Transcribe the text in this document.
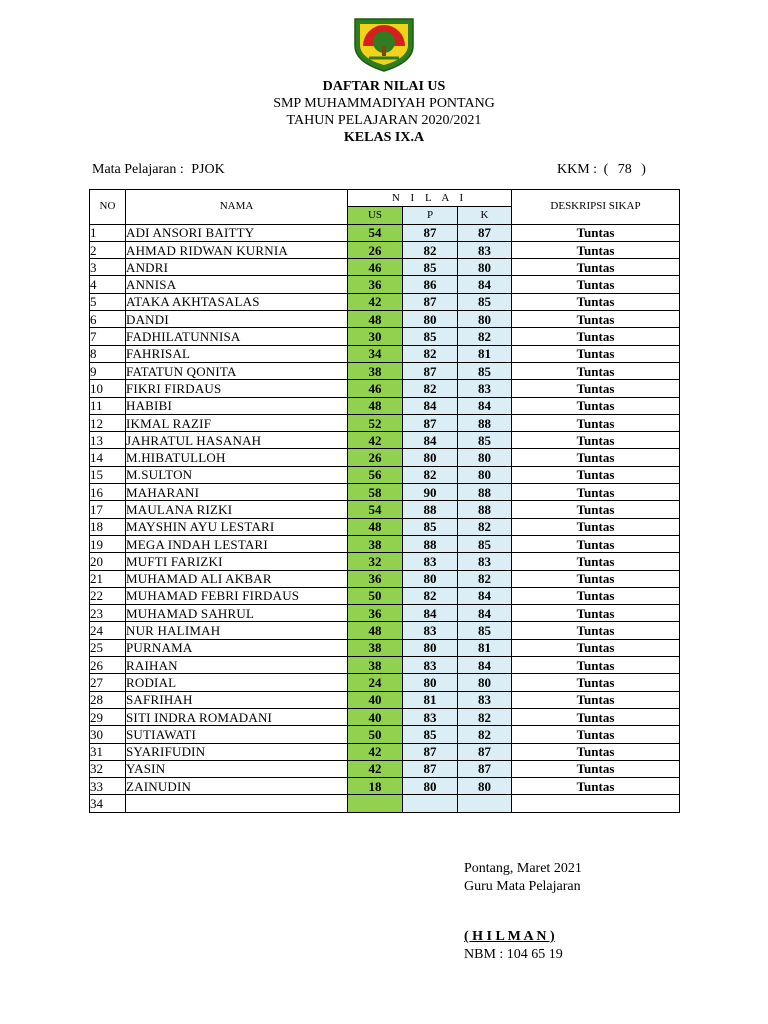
DAFTAR NILAI US
SMP MUHAMMADIYAH PONTANG
TAHUN PELAJARAN 2020/2021
KELAS IX.A
Mata Pelajaran : PJOK	KKM : ( 78 )
NO	NAMA	N I L A I			DESKRIPSI SIKAP
		US	P	K	
1	ADI ANSORI BAITTY	54	87	87	Tuntas
2	AHMAD RIDWAN KURNIA	26	82	83	Tuntas
3	ANDRI	46	85	80	Tuntas
4	ANNISA	36	86	84	Tuntas
5	ATAKA AKHTASALAS	42	87	85	Tuntas
6	DANDI	48	80	80	Tuntas
7	FADHILATUNNISA	30	85	82	Tuntas
8	FAHRISAL	34	82	81	Tuntas
9	FATATUN QONITA	38	87	85	Tuntas
10	FIKRI FIRDAUS	46	82	83	Tuntas
11	HABIBI	48	84	84	Tuntas
12	IKMAL RAZIF	52	87	88	Tuntas
13	JAHRATUL HASANAH	42	84	85	Tuntas
14	M.HIBATULLOH	26	80	80	Tuntas
15	M.SULTON	56	82	80	Tuntas
16	MAHARANI	58	90	88	Tuntas
17	MAULANA RIZKI	54	88	88	Tuntas
18	MAYSHIN AYU LESTARI	48	85	82	Tuntas
19	MEGA INDAH LESTARI	38	88	85	Tuntas
20	MUFTI FARIZKI	32	83	83	Tuntas
21	MUHAMAD ALI AKBAR	36	80	82	Tuntas
22	MUHAMAD FEBRI FIRDAUS	50	82	84	Tuntas
23	MUHAMAD SAHRUL	36	84	84	Tuntas
24	NUR HALIMAH	48	83	85	Tuntas
25	PURNAMA	38	80	81	Tuntas
26	RAIHAN	38	83	84	Tuntas
27	RODIAL	24	80	80	Tuntas
28	SAFRIHAH	40	81	83	Tuntas
29	SITI INDRA ROMADANI	40	83	82	Tuntas
30	SUTIAWATI	50	85	82	Tuntas
31	SYARIFUDIN	42	87	87	Tuntas
32	YASIN	42	87	87	Tuntas
33	ZAINUDIN	18	80	80	Tuntas
34					
Pontang, Maret 2021
Guru Mata Pelajaran
( H I L M A N )
NBM : 104 65 19
